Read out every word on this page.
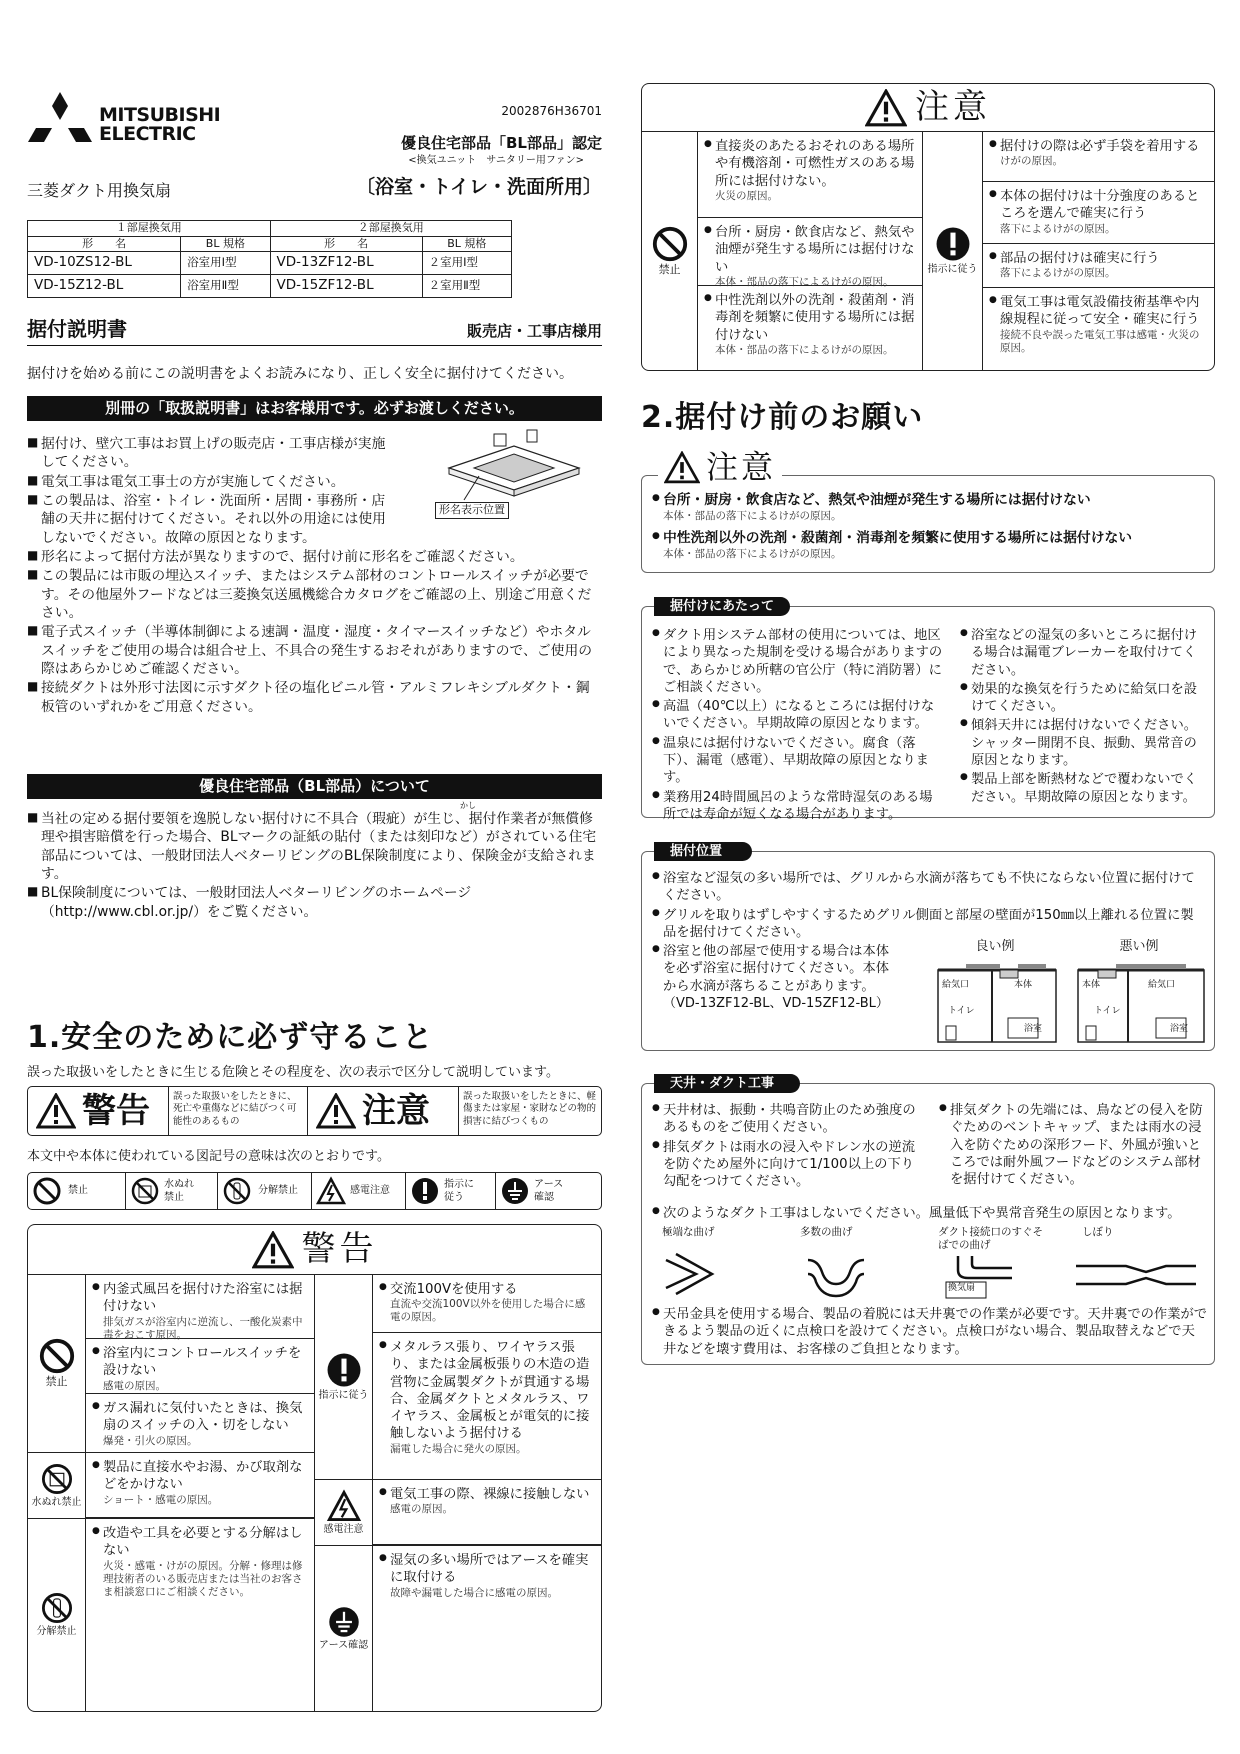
MITSUBISHI
ELECTRIC
2002876H36701
優良住宅部品「BL部品」認定
<換気ユニット　サニタリー用ファン>
三菱ダクト用換気扇	〔浴室・トイレ・洗面所用〕
１部屋換気用		２部屋換気用	
形　　名	BL 規格	形　　名	BL 規格
VD-10ZS12-BL	浴室用Ⅰ型	VD-13ZF12-BL	２室用Ⅰ型
VD-15Z12-BL	浴室用Ⅱ型	VD-15ZF12-BL	２室用Ⅱ型
据付説明書	販売店・工事店様用
据付けを始める前にこの説明書をよくお読みになり、正しく安全に据付けてください。
別冊の「取扱説明書」はお客様用です。必ずお渡しください。
形名表示位置
■ 据付け、壁穴工事はお買上げの販売店・工事店様が実施してください。
■ 電気工事は電気工事士の方が実施してください。
■ この製品は、浴室・トイレ・洗面所・居間・事務所・店舗の天井に据付けてください。それ以外の用途には使用しないでください。故障の原因となります。
■ 形名によって据付方法が異なりますので、据付け前に形名をご確認ください。
■ この製品には市販の埋込スイッチ、またはシステム部材のコントロールスイッチが必要です。その他屋外フードなどは三菱換気送風機総合カタログをご確認の上、別途ご用意ください。
■ 電子式スイッチ（半導体制御による速調・温度・湿度・タイマースイッチなど）やホタルスイッチをご使用の場合は組合せ上、不具合の発生するおそれがありますので、ご使用の際はあらかじめご確認ください。
■ 接続ダクトは外形寸法図に示すダクト径の塩化ビニル管・アルミフレキシブルダクト・鋼板管のいずれかをご用意ください。
優良住宅部品（BL部品）について
かし
■ 当社の定める据付要領を逸脱しない据付けに不具合（瑕疵）が生じ、据付作業者が無償修理や損害賠償を行った場合、BLマークの証紙の貼付（または刻印など）がされている住宅部品については、一般財団法人ベターリビングのBL保険制度により、保険金が支給されます。
■ BL保険制度については、一般財団法人ベターリビングのホームページ（http://www.cbl.or.jp/）をご覧ください。
1.安全のために必ず守ること
誤った取扱いをしたときに生じる危険とその程度を、次の表示で区分して説明しています。
警告	誤った取扱いをしたときに、死亡や重傷などに結びつく可能性のあるもの	注意	誤った取扱いをしたときに、軽傷または家屋・家財などの物的損害に結びつくもの
本文中や本体に使われている図記号の意味は次のとおりです。
禁止
水ぬれ禁止
分解禁止	感電注意
指示に従う
アース確認
警告
禁止
● 内釜式風呂を据付けた浴室には据付けない
排気ガスが浴室内に逆流し、一酸化炭素中毒をおこす原因。
● 浴室内にコントロールスイッチを設けない
感電の原因。
● ガス漏れに気付いたときは、換気扇のスイッチの入・切をしない
爆発・引火の原因。
水ぬれ禁止
● 製品に直接水やお湯、かび取剤などをかけない
ショート・感電の原因。
分解禁止
● 改造や工具を必要とする分解はしない
火災・感電・けがの原因。分解・修理は修理技術者のいる販売店または当社のお客さま相談窓口にご相談ください。
指示に従う
● 交流100Vを使用する
直流や交流100V以外を使用した場合に感電の原因。
● メタルラス張り、ワイヤラス張り、または金属板張りの木造の造営物に金属製ダクトが貫通する場合、金属ダクトとメタルラス、ワイヤラス、金属板とが電気的に接触しないよう据付ける
漏電した場合に発火の原因。
感電注意
● 電気工事の際、裸線に接触しない
感電の原因。
アース確認
● 湿気の多い場所ではアースを確実に取付ける
故障や漏電した場合に感電の原因。
注意
禁止
● 直接炎のあたるおそれのある場所や有機溶剤・可燃性ガスのある場所には据付けない。
火災の原因。
● 台所・厨房・飲食店など、熱気や油煙が発生する場所には据付けない
本体・部品の落下によるけがの原因。
● 中性洗剤以外の洗剤・殺菌剤・消毒剤を頻繁に使用する場所には据付けない
本体・部品の落下によるけがの原因。
指示に従う
● 据付けの際は必ず手袋を着用する
けがの原因。
● 本体の据付けは十分強度のあるところを選んで確実に行う
落下によるけがの原因。
● 部品の据付けは確実に行う
落下によるけがの原因。
● 電気工事は電気設備技術基準や内線規程に従って安全・確実に行う
接続不良や誤った電気工事は感電・火災の原因。
2.据付け前のお願い
注意
● 台所・厨房・飲食店など、熱気や油煙が発生する場所には据付けない
本体・部品の落下によるけがの原因。
● 中性洗剤以外の洗剤・殺菌剤・消毒剤を頻繁に使用する場所には据付けない
本体・部品の落下によるけがの原因。
据付けにあたって
● ダクト用システム部材の使用については、地区により異なった規制を受ける場合がありますので、あらかじめ所轄の官公庁（特に消防署）にご相談ください。
● 高温（40℃以上）になるところには据付けないでください。早期故障の原因となります。
● 温泉には据付けないでください。腐食（落下）、漏電（感電）、早期故障の原因となります。
● 業務用24時間風呂のような常時湿気のある場所では寿命が短くなる場合があります。
● 浴室などの湿気の多いところに据付ける場合は漏電ブレーカーを取付けてください。
● 効果的な換気を行うために給気口を設けてください。
● 傾斜天井には据付けないでください。シャッター開閉不良、振動、異常音の原因となります。
● 製品上部を断熱材などで覆わないでください。早期故障の原因となります。
据付位置
● 浴室など湿気の多い場所では、グリルから水滴が落ちても不快にならない位置に据付けてください。
● グリルを取りはずしやすくするためグリル側面と部屋の壁面が150㎜以上離れる位置に製品を据付けてください。
● 浴室と他の部屋で使用する場合は本体を必ず浴室に据付けてください。本体から水滴が落ちることがあります。
（VD-13ZF12-BL、VD-15ZF12-BL）
良い例	悪い例
給気口	本体
トイレ
浴室
本体	給気口
トイレ
浴室
天井・ダクト工事
● 天井材は、振動・共鳴音防止のため強度のあるものをご使用ください。
● 排気ダクトは雨水の浸入やドレン水の逆流を防ぐため屋外に向けて1/100以上の下り勾配をつけてください。
● 排気ダクトの先端には、鳥などの侵入を防ぐためのベントキャップ、または雨水の浸入を防ぐための深形フード、外風が強いところでは耐外風フードなどのシステム部材を据付けてください。
● 次のようなダクト工事はしないでください。風量低下や異常音発生の原因となります。
極端な曲げ	多数の曲げ	ダクト接続口のすぐそばでの曲げ
しぼり
換気扇
● 天吊金具を使用する場合、製品の着脱には天井裏での作業が必要です。天井裏での作業ができるよう製品の近くに点検口を設けてください。点検口がない場合、製品取替えなどで天井などを壊す費用は、お客様のご負担となります。
